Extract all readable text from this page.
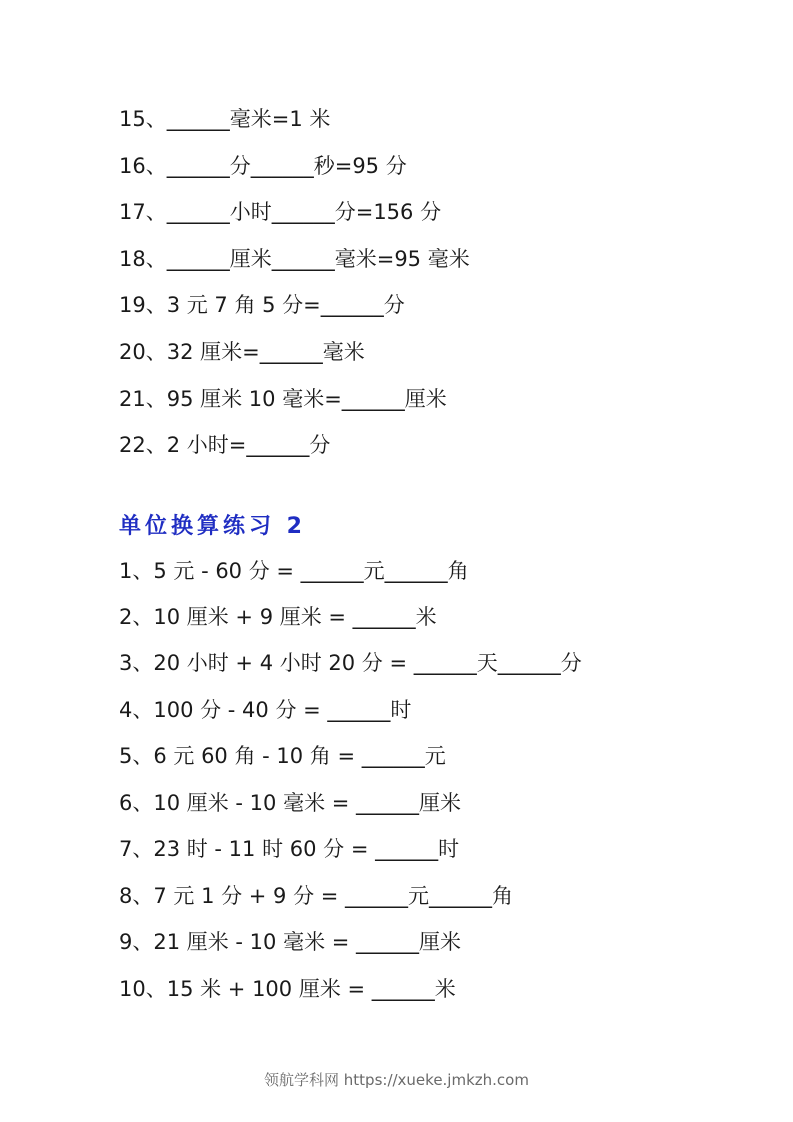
15、______毫米=1 米
16、______分______秒=95 分
17、______小时______分=156 分
18、______厘米______毫米=95 毫米
19、3 元 7 角 5 分=______分
20、32 厘米=______毫米
21、95 厘米 10 毫米=______厘米
22、2 小时=______分
单位换算练习 2
1、5 元 - 60 分 = ______元______角
2、10 厘米 + 9 厘米 = ______米
3、20 小时 + 4 小时 20 分 = ______天______分
4、100 分 - 40 分 = ______时
5、6 元 60 角 - 10 角 = ______元
6、10 厘米 - 10 毫米 = ______厘米
7、23 时 - 11 时 60 分 = ______时
8、7 元 1 分 + 9 分 = ______元______角
9、21 厘米 - 10 毫米 = ______厘米
10、15 米 + 100 厘米 = ______米
领航学科网 https://xueke.jmkzh.com
